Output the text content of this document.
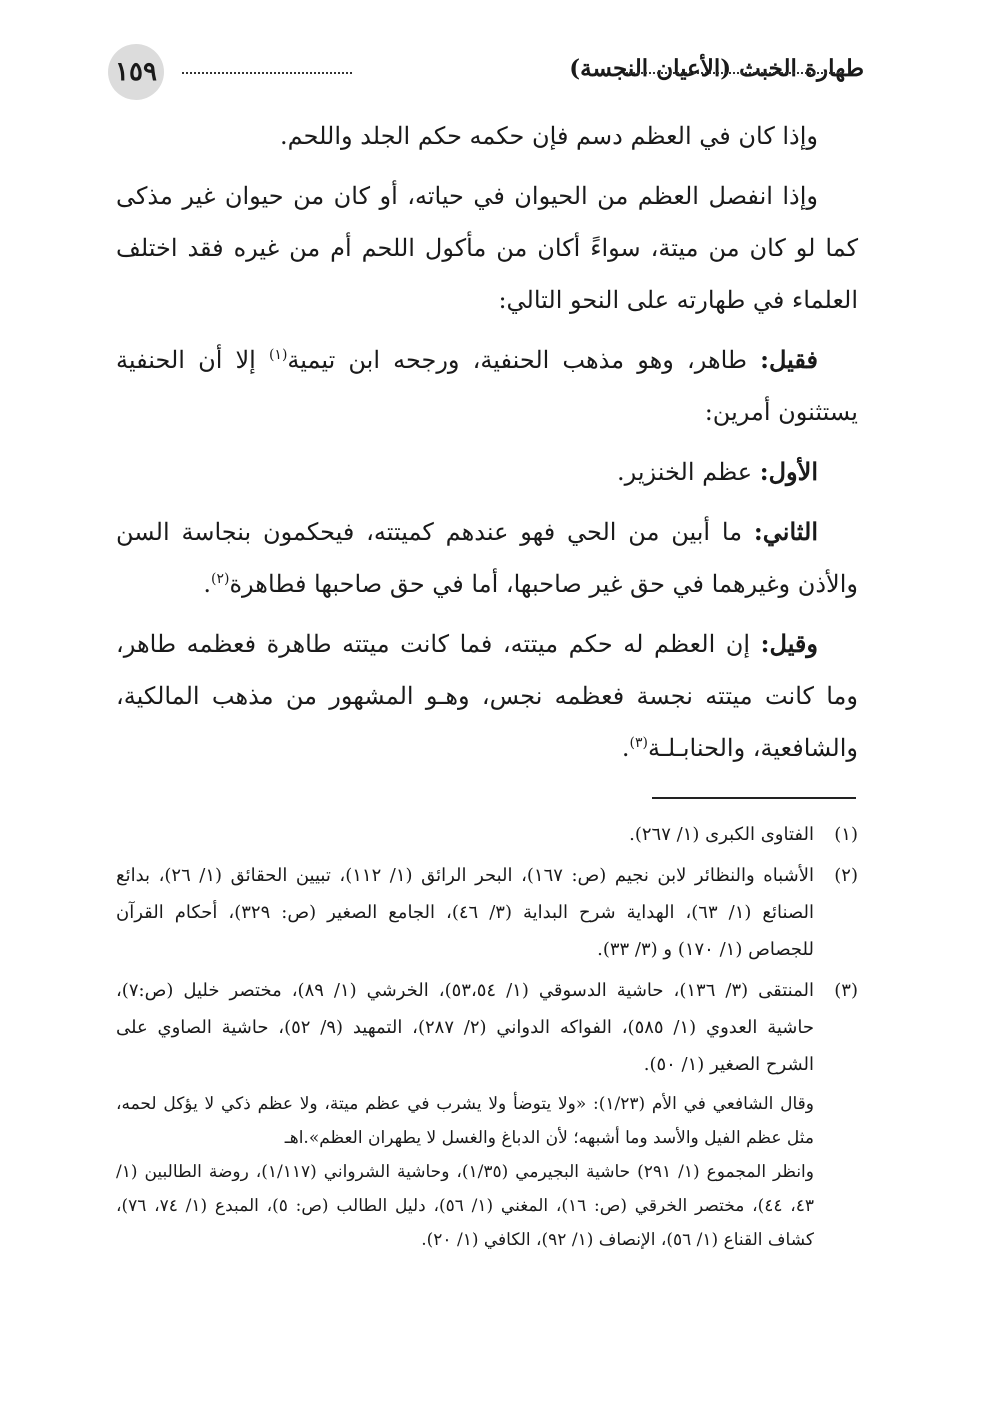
١٥٩	طهارة الخبث (الأعيان النجسة)

وإذا كان في العظم دسم فإن حكمه حكم الجلد واللحم.

وإذا انفصل العظم من الحيوان في حياته، أو كان من حيوان غير مذكى كما لو كان من ميتة، سواءً أكان من مأكول اللحم أم من غيره فقد اختلف العلماء في طهارته على النحو التالي:

فقيل: طاهر، وهو مذهب الحنفية، ورجحه ابن تيمية$^{(١)}$ إلا أن الحنفية يستثنون أمرين:

الأول: عظم الخنزير.

الثاني: ما أبين من الحي فهو عندهم كميتته، فيحكمون بنجاسة السن والأذن وغيرهما في حق غير صاحبها، أما في حق صاحبها فطاهرة$^{(٢)}$.

وقيل: إن العظم له حكم ميتته، فما كانت ميتته طاهرة فعظمه طاهر، وما كانت ميتته نجسة فعظمه نجس، وهـو المشهور من مذهب المالكية، والشافعية، والحنابـلـة$^{(٣)}$.

(١)
الفتاوى الكبرى (١/ ٢٦٧).
(٢)
الأشباه والنظائر لابن نجيم (ص: ١٦٧)، البحر الرائق (١/ ١١٢)، تبيين الحقائق (١/ ٢٦)، بدائع الصنائع (١/ ٦٣)، الهداية شرح البداية (٣/ ٤٦)، الجامع الصغير (ص: ٣٢٩)، أحكام القرآن للجصاص (١/ ١٧٠) و (٣/ ٣٣).
(٣)
المنتقى (٣/ ١٣٦)، حاشية الدسوقي (١/ ٥٣،٥٤)، الخرشي (١/ ٨٩)، مختصر خليل (ص:٧)، حاشية العدوي (١/ ٥٨٥)، الفواكه الدواني (٢/ ٢٨٧)، التمهيد (٩/ ٥٢)، حاشية الصاوي على الشرح الصغير (١/ ٥٠).
وقال الشافعي في الأم (١/٢٣): «ولا يتوضأ ولا يشرب في عظم ميتة، ولا عظم ذكي لا يؤكل لحمه، مثل عظم الفيل والأسد وما أشبهه؛ لأن الدباغ والغسل لا يطهران العظم».اهـ
وانظر المجموع (١/ ٢٩١) حاشية البجيرمي (١/٣٥)، وحاشية الشرواني (١/١١٧)، روضة الطالبين (١/ ٤٣، ٤٤)، مختصر الخرقي (ص: ١٦)، المغني (١/ ٥٦)، دليل الطالب (ص: ٥)، المبدع (١/ ٧٤، ٧٦)، كشاف القناع (١/ ٥٦)، الإنصاف (١/ ٩٢)، الكافي (١/ ٢٠).
